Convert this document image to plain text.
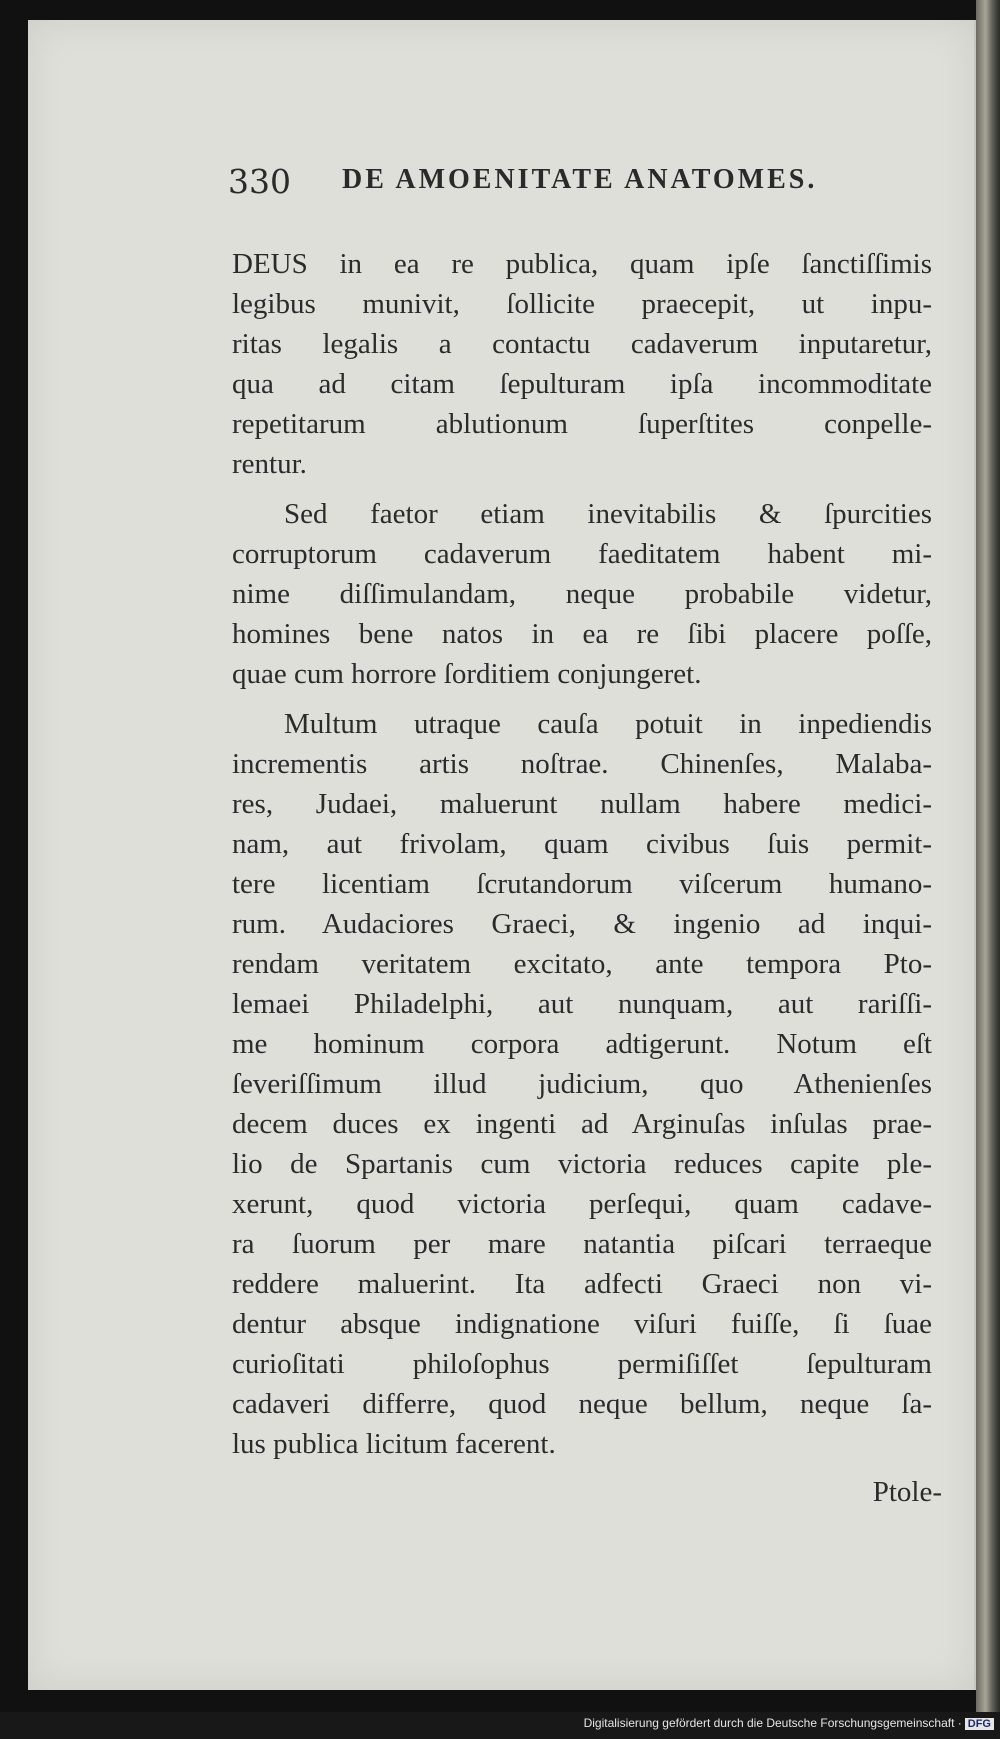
330 DE AMOENITATE ANATOMES.
DEUS in ea re publica, quam ipſe ſanctiſſimis
legibus munivit, ſollicite praecepit, ut inpu-
ritas legalis a contactu cadaverum inputaretur,
qua ad citam ſepulturam ipſa incommoditate
repetitarum ablutionum ſuperſtites conpelle-
rentur.
Sed faetor etiam inevitabilis & ſpurcities
corruptorum cadaverum faeditatem habent mi-
nime diſſimulandam, neque probabile videtur,
homines bene natos in ea re ſibi placere poſſe,
quae cum horrore ſorditiem conjungeret.
Multum utraque cauſa potuit in inpediendis
incrementis artis noſtrae. Chinenſes, Malaba-
res, Judaei, maluerunt nullam habere medici-
nam, aut frivolam, quam civibus ſuis permit-
tere licentiam ſcrutandorum viſcerum humano-
rum. Audaciores Graeci, & ingenio ad inqui-
rendam veritatem excitato, ante tempora Pto-
lemaei Philadelphi, aut nunquam, aut rariſſi-
me hominum corpora adtigerunt. Notum eſt
ſeveriſſimum illud judicium, quo Athenienſes
decem duces ex ingenti ad Arginuſas inſulas prae-
lio de Spartanis cum victoria reduces capite ple-
xerunt, quod victoria perſequi, quam cadave-
ra ſuorum per mare natantia piſcari terraeque
reddere maluerint. Ita adfecti Graeci non vi-
dentur absque indignatione viſuri fuiſſe, ſi ſuae
curioſitati philoſophus permiſiſſet ſepulturam
cadaveri differre, quod neque bellum, neque ſa-
lus publica licitum facerent.
Ptole-
Digitalisierung gefördert durch die Deutsche Forschungsgemeinschaft · DFG
